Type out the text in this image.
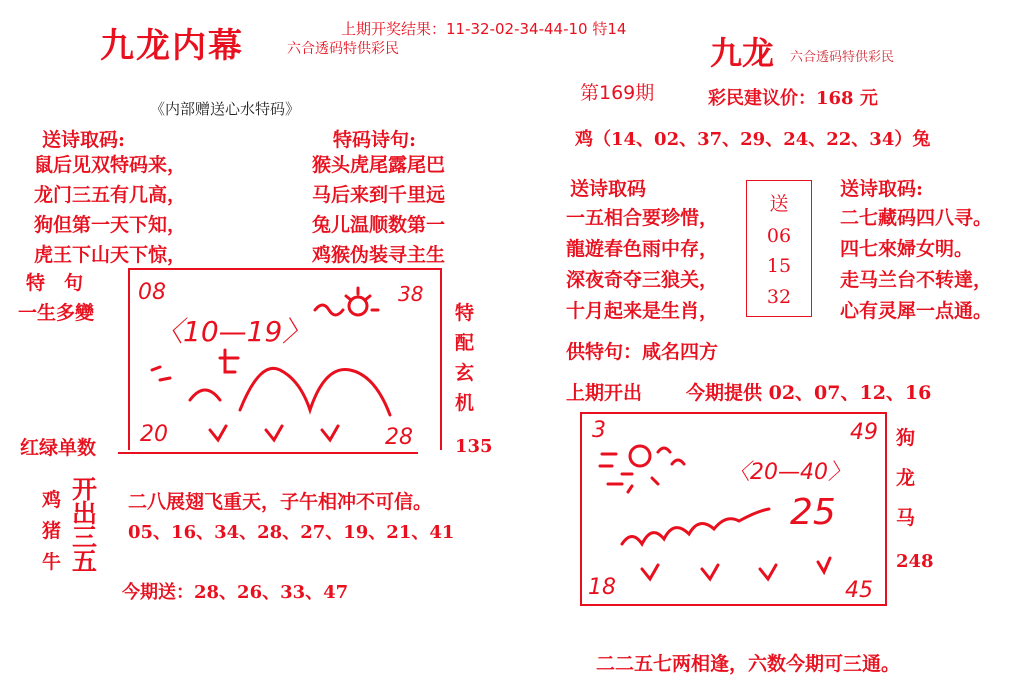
九龙内幕	六合透码特供彩民
上期开奖结果：11-32-02-34-44-10 特14
《内部赠送心水特码》
送诗取码:
鼠后见双特码来，
龙门三五有几高，
狗但第一天下知，
虎王下山天下惊，
特码诗句:
猴头虎尾露尾巴
马后来到千里远
兔儿温顺数第一
鸡猴伪装寻主生
特　句
一生多變
08	38
〈10—19〉
20	28
红绿单数
特
配
玄
机
135
鸡
猪
牛
开
出
三
五
二八展翅飞重天，子午相冲不可信。
05、16、34、28、27、19、21、41
今期送：28、26、33、47
九龙 六合透码特供彩民
第169期	彩民建议价：168 元
鸡（14、02、37、29、24、22、34）兔
送诗取码
一五相合要珍惜，
龍遊春色雨中存，
深夜奇夺三狼关，
十月起来是生肖，
送
06
15
32
送诗取码:
二七藏码四八寻。
四七來婦女明。
走马兰台不转達，
心有灵犀一点通。
供特句：咸名四方
上期开出 今期提供 02、07、12、16
3	49
〈20—40〉
25
18	45
狗
龙
马
248
二二五七两相逢，六数今期可三通。
